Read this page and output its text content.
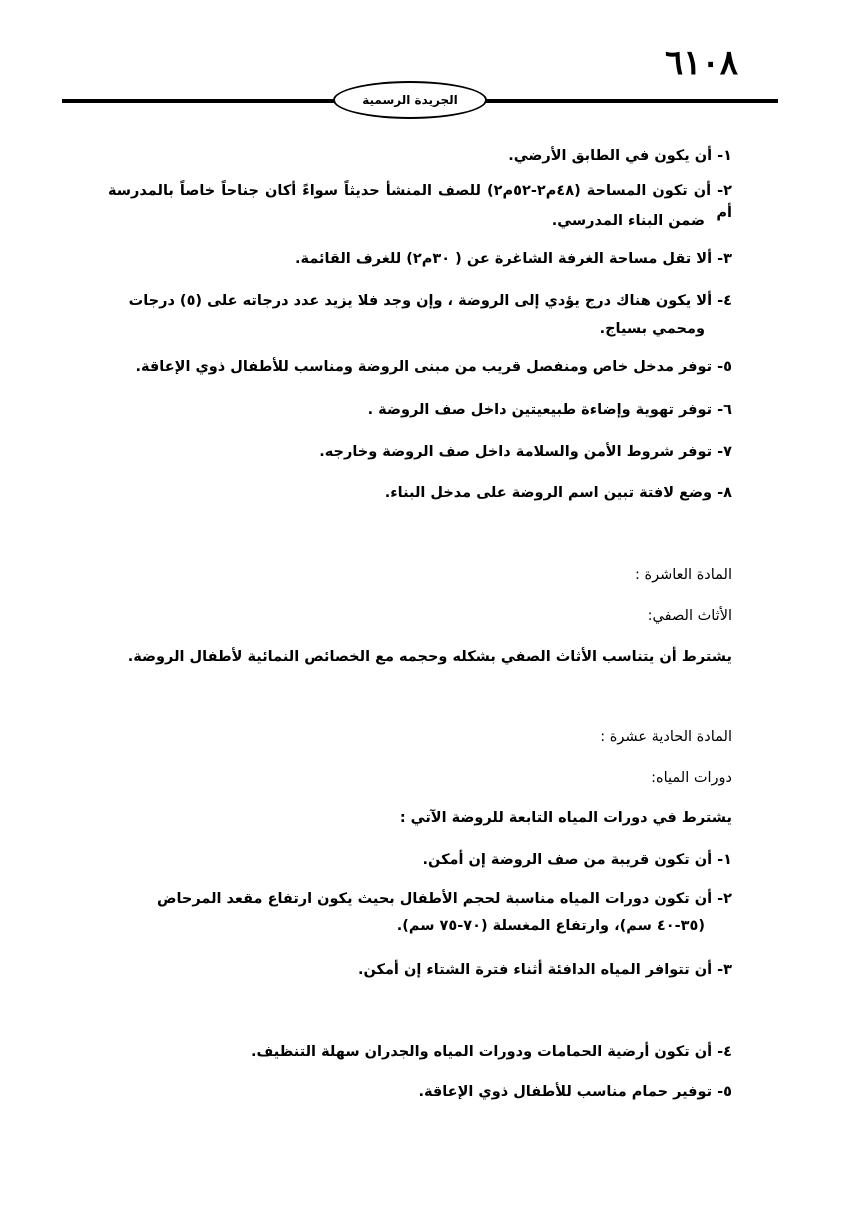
٦١٠٨
الجريدة الرسمية
١- أن يكون في الطابق الأرضي.
٢- أن تكون المساحة (٤٨م٢-٥٢م٢) للصف المنشأ حديثاً سواءً أكان جناحاً خاصاً بالمدرسة أم
ضمن البناء المدرسي.
٣- ألا تقل مساحة الغرفة الشاغرة عن ( ٣٠م٢) للغرف القائمة.
٤- ألا يكون هناك درج يؤدي إلى الروضة ، وإن وجد فلا يزيد عدد درجاته على (٥) درجات
ومحمي بسياج.
٥- توفر مدخل خاص ومنفصل قريب من مبنى الروضة ومناسب للأطفال ذوي الإعاقة.
٦- توفر تهوية وإضاءة طبيعيتين داخل صف الروضة .
٧- توفر شروط الأمن والسلامة داخل صف الروضة وخارجه.
٨- وضع لافتة تبين اسم الروضة على مدخل البناء.
المادة العاشرة :
الأثاث الصفي:
يشترط أن يتناسب الأثاث الصفي بشكله وحجمه مع الخصائص النمائية لأطفال الروضة.
المادة الحادية عشرة :
دورات المياه:
يشترط في دورات المياه التابعة للروضة الآتي :
١- أن تكون قريبة من صف الروضة إن أمكن.
٢- أن تكون دورات المياه مناسبة لحجم الأطفال بحيث يكون ارتفاع مقعد المرحاض
(٣٥-٤٠ سم)، وارتفاع المغسلة (٧٠-٧٥ سم).
٣- أن تتوافر المياه الدافئة أثناء فترة الشتاء إن أمكن.
٤- أن تكون أرضية الحمامات ودورات المياه والجدران سهلة التنظيف.
٥- توفير حمام مناسب للأطفال ذوي الإعاقة.
